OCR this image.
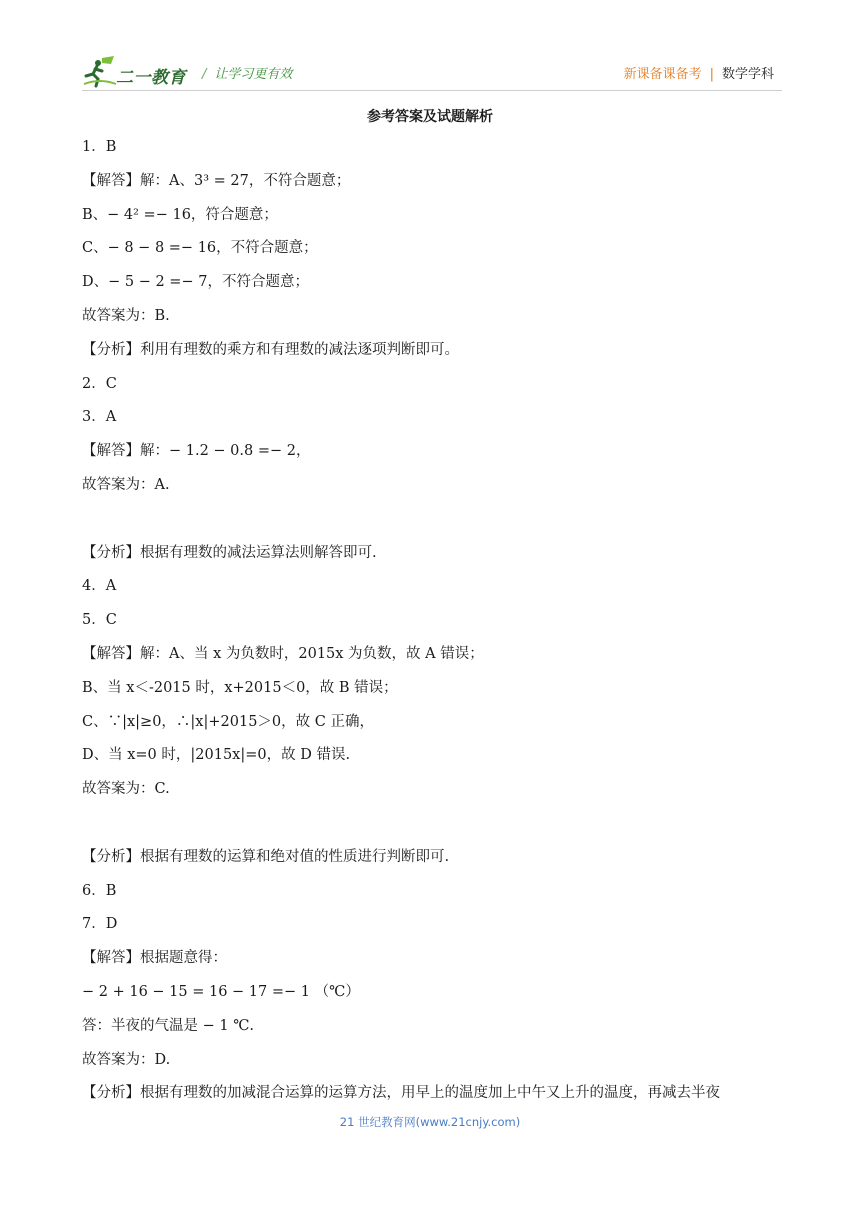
二一教育 / 让学习更有效	新课备课备考 | 数学学科
参考答案及试题解析
1．B
【解答】解：A、3³ = 27，不符合题意；
B、− 4² =− 16，符合题意；
C、− 8 − 8 =− 16，不符合题意；
D、− 5 − 2 =− 7，不符合题意；
故答案为：B.
【分析】利用有理数的乘方和有理数的减法逐项判断即可。
2．C
3．A
【解答】解：− 1.2 − 0.8 =− 2，
故答案为：A.
【分析】根据有理数的减法运算法则解答即可.
4．A
5．C
【解答】解：A、当 x 为负数时，2015x 为负数，故 A 错误；
B、当 x＜-2015 时，x+2015＜0，故 B 错误；
C、∵|x|≥0，∴|x|+2015＞0，故 C 正确，
D、当 x=0 时，|2015x|=0，故 D 错误.
故答案为：C.
【分析】根据有理数的运算和绝对值的性质进行判断即可.
6．B
7．D
【解答】根据题意得：
− 2 + 16 − 15 = 16 − 17 =− 1 （℃）
答：半夜的气温是 − 1 ℃.
故答案为：D.
【分析】根据有理数的加减混合运算的运算方法，用早上的温度加上中午又上升的温度，再减去半夜
21 世纪教育网(www.21cnjy.com)
